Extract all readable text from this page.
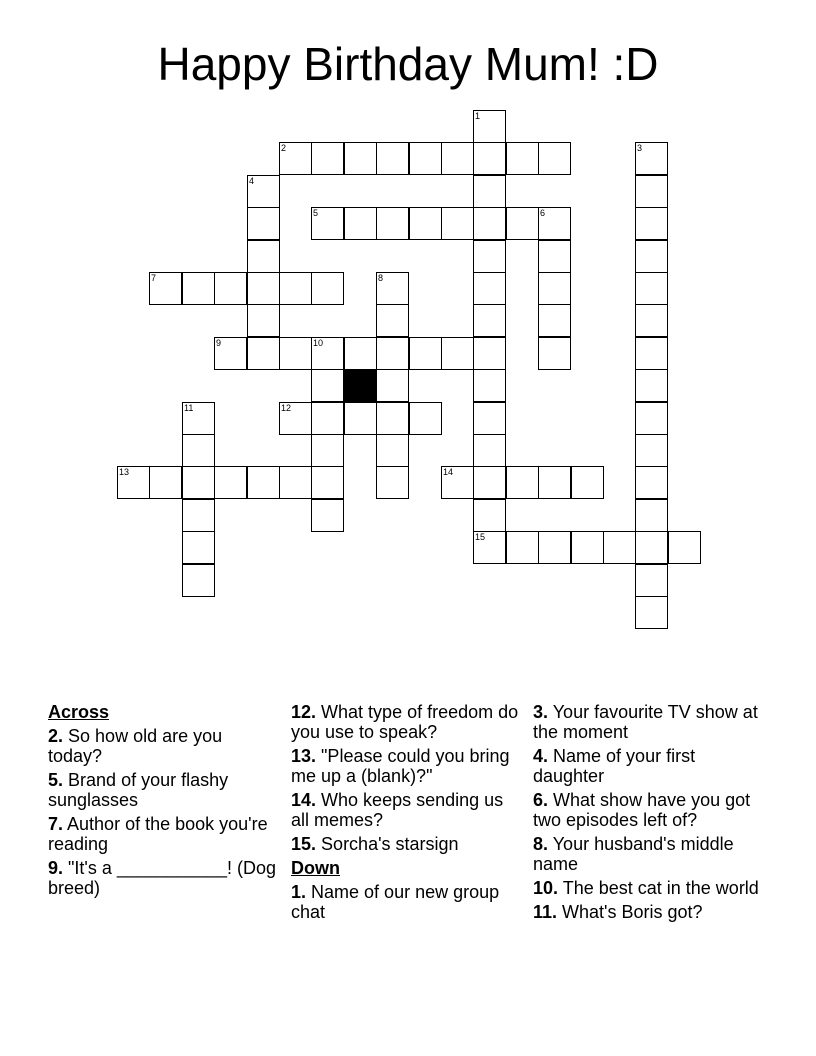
Happy Birthday Mum! :D
1
2	3
4
5	6
7	8
9	10
11	12
13	14
15
Across
2. So how old are you today?
5. Brand of your flashy sunglasses
7. Author of the book you're reading
9. "It's a ___________! (Dog breed)
12. What type of freedom do you use to speak?
13. "Please could you bring me up a (blank)?"
14. Who keeps sending us all memes?
15. Sorcha's starsign
Down
1. Name of our new group chat
3. Your favourite TV show at the moment
4. Name of your first daughter
6. What show have you got two episodes left of?
8. Your husband's middle name
10. The best cat in the world
11. What's Boris got?
